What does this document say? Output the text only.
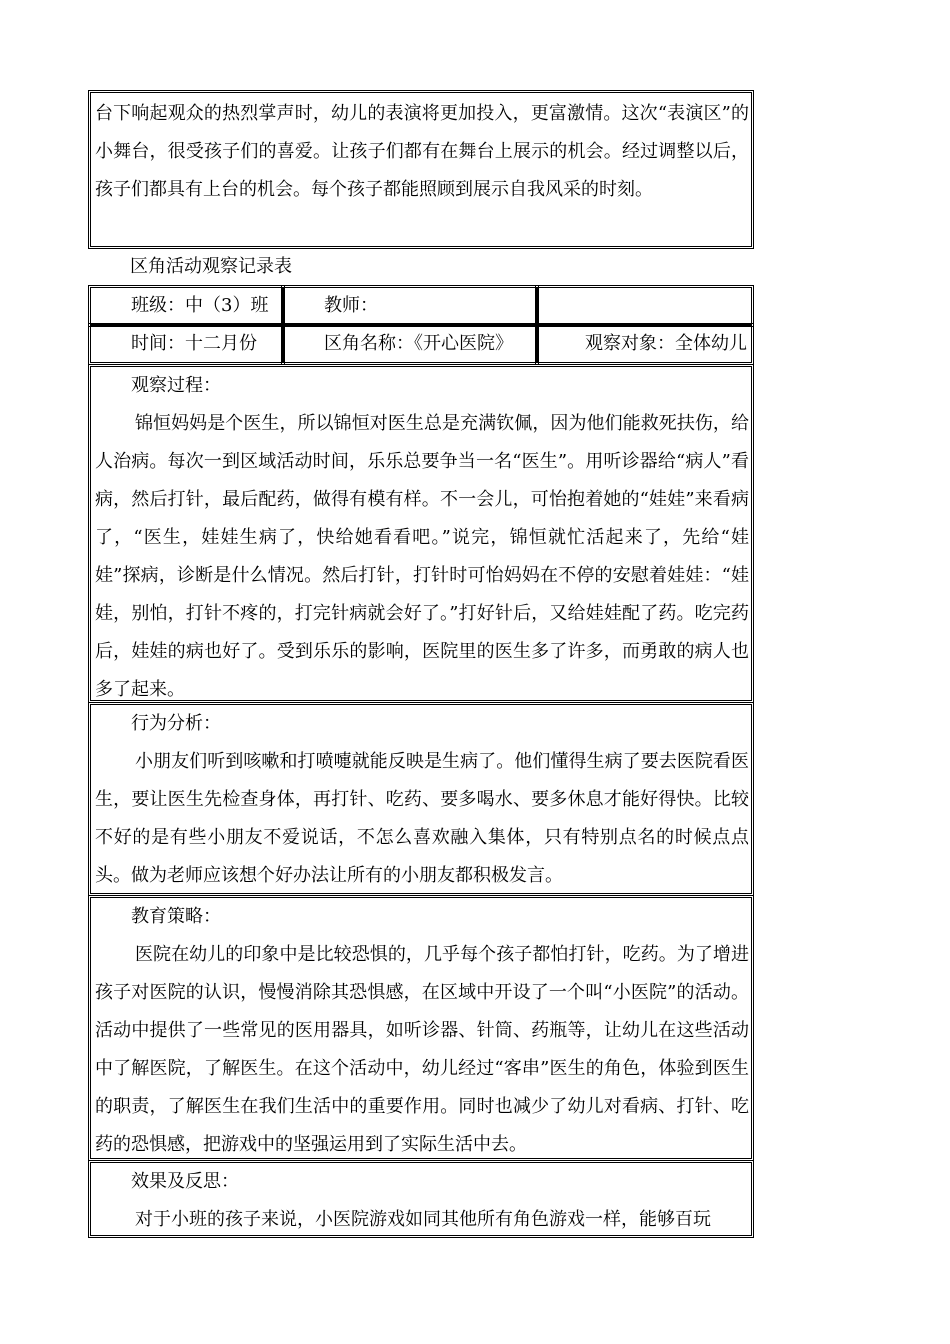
台下响起观众的热烈掌声时，幼儿的表演将更加投入，更富激情。这次“表演区”的小舞台，很受孩子们的喜爱。让孩子们都有在舞台上展示的机会。经过调整以后，孩子们都具有上台的机会。每个孩子都能照顾到展示自我风采的时刻。
区角活动观察记录表
班级：中（3）班	教师：	
时间：十二月份	区角名称：《开心医院》	观察对象：全体幼儿
观察过程：
锦恒妈妈是个医生，所以锦恒对医生总是充满钦佩，因为他们能救死扶伤，给人治病。每次一到区域活动时间，乐乐总要争当一名“医生”。用听诊器给“病人”看病，然后打针，最后配药，做得有模有样。不一会儿，可怡抱着她的“娃娃”来看病了，“医生，娃娃生病了，快给她看看吧。”说完，锦恒就忙活起来了，先给“娃娃”探病，诊断是什么情况。然后打针，打针时可怡妈妈在不停的安慰着娃娃：“娃娃，别怕，打针不疼的，打完针病就会好了。”打好针后，又给娃娃配了药。吃完药后，娃娃的病也好了。受到乐乐的影响，医院里的医生多了许多，而勇敢的病人也多了起来。
行为分析：
小朋友们听到咳嗽和打喷嚏就能反映是生病了。他们懂得生病了要去医院看医生，要让医生先检查身体，再打针、吃药、要多喝水、要多休息才能好得快。比较不好的是有些小朋友不爱说话，不怎么喜欢融入集体，只有特别点名的时候点点头。做为老师应该想个好办法让所有的小朋友都积极发言。
教育策略：
医院在幼儿的印象中是比较恐惧的，几乎每个孩子都怕打针，吃药。为了增进孩子对医院的认识，慢慢消除其恐惧感，在区域中开设了一个叫“小医院”的活动。活动中提供了一些常见的医用器具，如听诊器、针筒、药瓶等，让幼儿在这些活动中了解医院，了解医生。在这个活动中，幼儿经过“客串”医生的角色，体验到医生的职责，了解医生在我们生活中的重要作用。同时也减少了幼儿对看病、打针、吃药的恐惧感，把游戏中的坚强运用到了实际生活中去。
效果及反思：
对于小班的孩子来说，小医院游戏如同其他所有角色游戏一样，能够百玩
